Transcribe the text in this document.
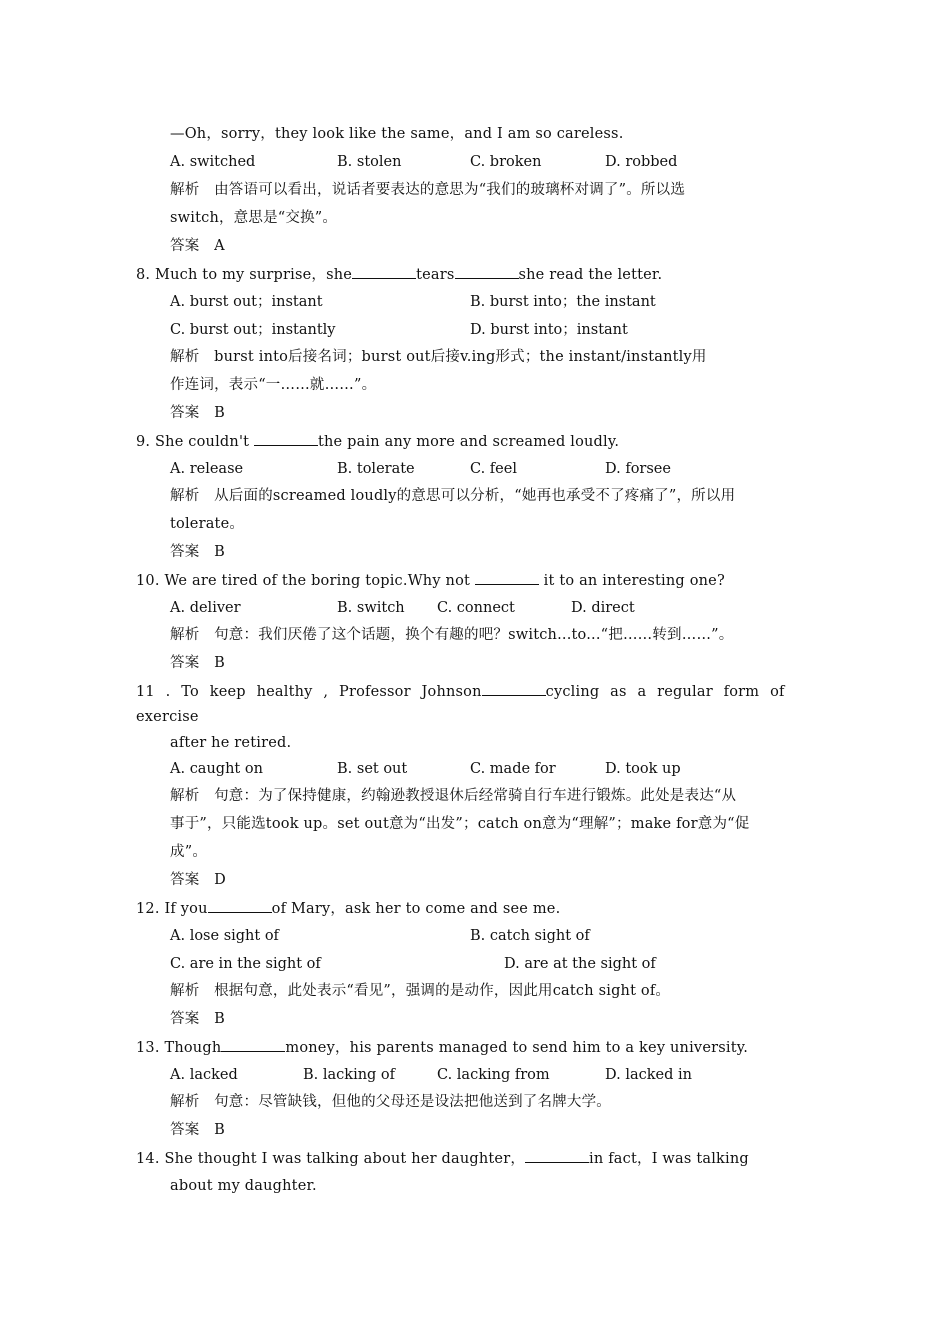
—Oh，sorry，they look like the same，and I am so careless.

A. switched

	B. stolen

	C. broken

	D. robbed

解析　由答语可以看出，说话者要表达的意思为“我们的玻璃杯对调了”。所以选
switch，意思是“交换”。
答案　A
8. Much to my surprise，she	tears	she read the letter.

A. burst out；instant

	B. burst into；the instant

C. burst out；instantly

	D. burst into；instant

解析　burst into后接名词；burst out后接v.ing形式；the instant/instantly用
作连词，表示“一……就……”。
答案　B
9. She couldn't	the pain any more and screamed loudly.

A. release

	B. tolerate

	C. feel

	D. forsee

解析　从后面的screamed loudly的意思可以分析，“她再也承受不了疼痛了”，所以用
tolerate。
答案　B
10. We are tired of the boring topic.Why not	it to an interesting one?

A. deliver

	B. switch

C. connect

	D. direct

解析　句意：我们厌倦了这个话题，换个有趣的吧？switch...to...“把……转到……”。
答案　B
11 . To keep healthy , Professor Johnson	cycling as a regular form of
exercise
after he retired.

A. caught on

	B. set out

	C. made for

	D. took up

解析　句意：为了保持健康，约翰逊教授退休后经常骑自行车进行锻炼。此处是表达“从
事于”，只能选took up。set out意为“出发”；catch on意为“理解”；make for意为“促
成”。
答案　D
12. If you	of Mary，ask her to come and see me.

A. lose sight of

	B. catch sight of

C. are in the sight of

	D. are at the sight of

解析　根据句意，此处表示“看见”，强调的是动作，因此用catch sight of。
答案　B
13. Though	money，his parents managed to send him to a key university.

A. lacked

	B. lacking of

	C. lacking from

	D. lacked in

解析　句意：尽管缺钱，但他的父母还是设法把他送到了名牌大学。
答案　B
14. She thought I was talking about her daughter，	in fact，I was talking
about my daughter.
